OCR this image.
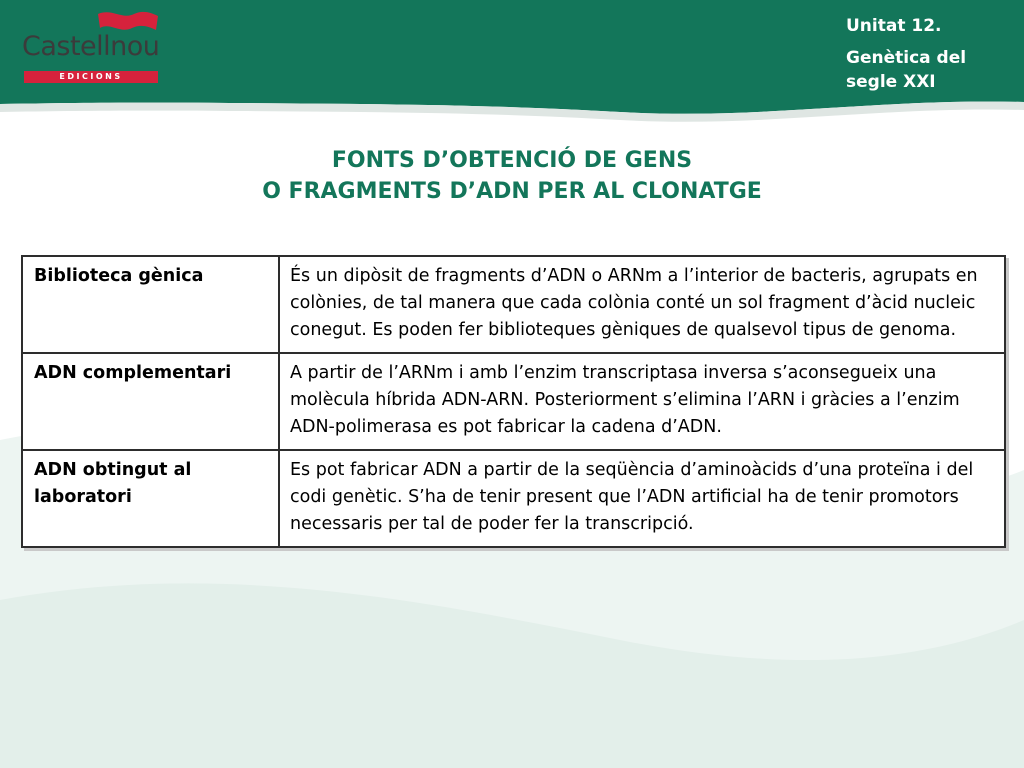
Castellnou
EDICIONS
Unitat 12.
Genètica del
segle XXI
FONTS D’OBTENCIÓ DE GENS
O FRAGMENTS D’ADN PER AL CLONATGE
Biblioteca gènica	És un dipòsit de fragments d’ADN o ARNm a l’interior de bacteris, agrupats en colònies, de tal manera que cada colònia conté un sol fragment d’àcid nucleic conegut. Es poden fer biblioteques gèniques de qualsevol tipus de genoma.
ADN complementari	A partir de l’ARNm i amb l’enzim transcriptasa inversa s’aconsegueix una molècula híbrida ADN-ARN. Posteriorment s’elimina l’ARN i gràcies a l’enzim ADN-polimerasa es pot fabricar la cadena d’ADN.
ADN obtingut al laboratori	Es pot fabricar ADN a partir de la seqüència d’aminoàcids d’una proteïna i del codi genètic. S’ha de tenir present que l’ADN artificial ha de tenir promotors necessaris per tal de poder fer la transcripció.
